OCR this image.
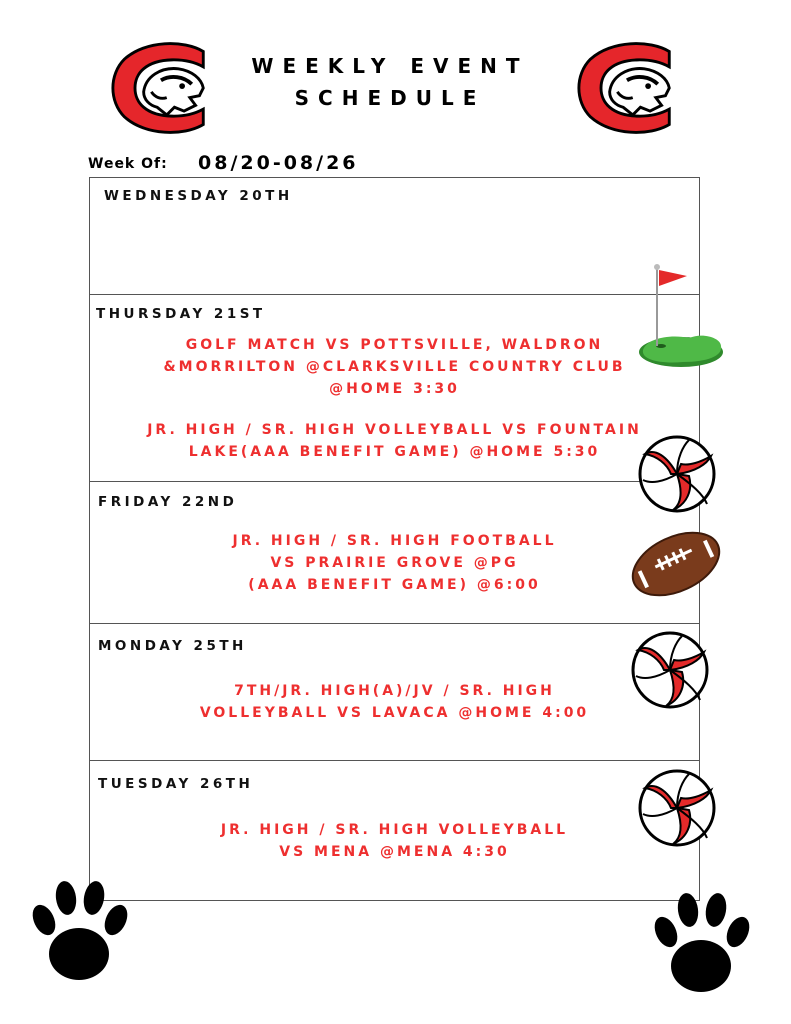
WEEKLY EVENT
SCHEDULE
Week Of: 08/20-08/26
WEDNESDAY 20TH
THURSDAY 21ST
GOLF MATCH VS POTTSVILLE, WALDRON
&MORRILTON @CLARKSVILLE COUNTRY CLUB
@HOME 3:30
JR. HIGH / SR. HIGH VOLLEYBALL VS FOUNTAIN
LAKE(AAA BENEFIT GAME) @HOME 5:30
FRIDAY 22ND
JR. HIGH / SR. HIGH FOOTBALL
VS PRAIRIE GROVE @PG
(AAA BENEFIT GAME) @6:00
MONDAY 25TH
7TH/JR. HIGH(A)/JV / SR. HIGH
VOLLEYBALL VS LAVACA @HOME 4:00
TUESDAY 26TH
JR. HIGH / SR. HIGH VOLLEYBALL
VS MENA @MENA 4:30
